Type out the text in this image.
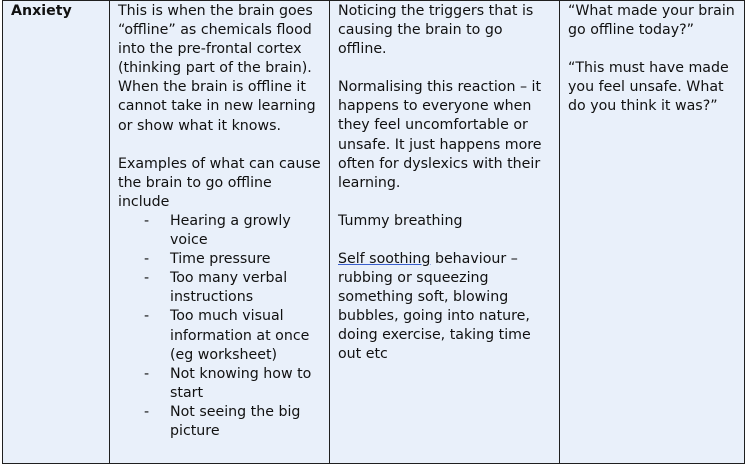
Anxiety	This is when the brain goes “offline” as chemicals flood into the pre-frontal cortex (thinking part of the brain). When the brain is offline it cannot take in new learning or show what it knows.

Examples of what can cause the brain to go offline include

- Hearing a growly voice
- Time pressure
- Too many verbal instructions
- Too much visual information at once (eg worksheet)
- Not knowing how to start
- Not seeing the big picture

Noticing the triggers that is causing the brain to go offline.

Normalising this reaction – it happens to everyone when they feel uncomfortable or unsafe. It just happens more often for dyslexics with their learning.

Tummy breathing

Self soothing behaviour – rubbing or squeezing something soft, blowing bubbles, going into nature, doing exercise, taking time out etc

“What made your brain go offline today?”

“This must have made you feel unsafe. What do you think it was?”
